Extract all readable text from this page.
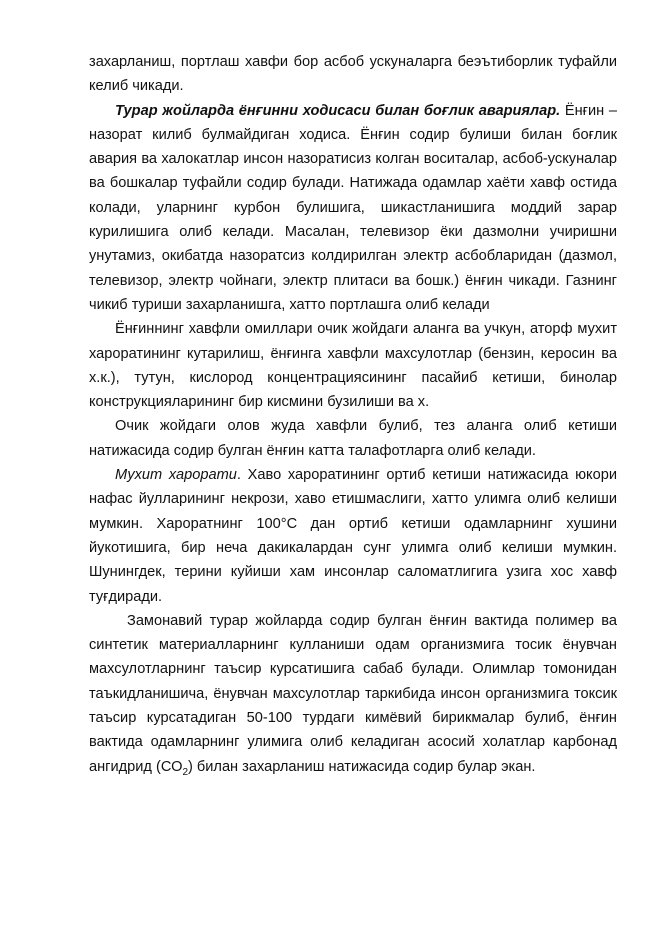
захарланиш, портлаш хавфи бор асбоб ускуналарга беэътиборлик туфайли келиб чикади.

Турар жойларда ёнғинни ходисаси билан боғлик авариялар. Ёнғин – назорат килиб булмайдиган ходиса. Ёнғин содир булиши билан боғлик авария ва халокатлар инсон назоратисиз колган воситалар, асбоб-ускуналар ва бошкалар туфайли содир булади. Натижада одамлар хаёти хавф остида колади, уларнинг курбон булишига, шикастланишига моддий зарар курилишига олиб келади. Масалан, телевизор ёки дазмолни учиришни унутамиз, окибатда назоратсиз колдирилган электр асбобларидан (дазмол, телевизор, электр чойнаги, электр плитаси ва бошк.) ёнғин чикади. Газнинг чикиб туриши захарланишга, хатто портлашга олиб келади

Ёнғиннинг хавфли омиллари очик жойдаги аланга ва учкун, аторф мухит хароратининг кутарилиш, ёнғинга хавфли махсулотлар (бензин, керосин ва х.к.), тутун, кислород концентрациясининг пасайиб кетиши, бинолар конструкцияларининг бир кисмини бузилиши ва х.

Очик жойдаги олов жуда хавфли булиб, тез аланга олиб кетиши натижасида содир булган ёнғин катта талафотларга олиб келади.

Мухит харорати. Хаво хароратининг ортиб кетиши натижасида юкори нафас йулларининг некрози, хаво етишмаслиги, хатто улимга олиб келиши мумкин. Хароратнинг 100°С дан ортиб кетиши одамларнинг хушини йукотишига, бир неча дакикалардан сунг улимга олиб келиши мумкин. Шунингдек, терини куйиши хам инсонлар саломатлигига узига хос хавф туғдиради.

Замонавий турар жойларда содир булган ёнғин вактида полимер ва синтетик материалларнинг кулланиши одам организмига тосик ёнувчан махсулотларнинг таъсир курсатишига сабаб булади. Олимлар томонидан таъкидланишича, ёнувчан махсулотлар таркибида инсон организмига токсик таъсир курсатадиган 50-100 турдаги кимёвий бирикмалар булиб, ёнғин вактида одамларнинг улимига олиб келадиган асосий холатлар карбонад ангидрид $(СО_2)$ билан захарланиш натижасида содир булар экан.
